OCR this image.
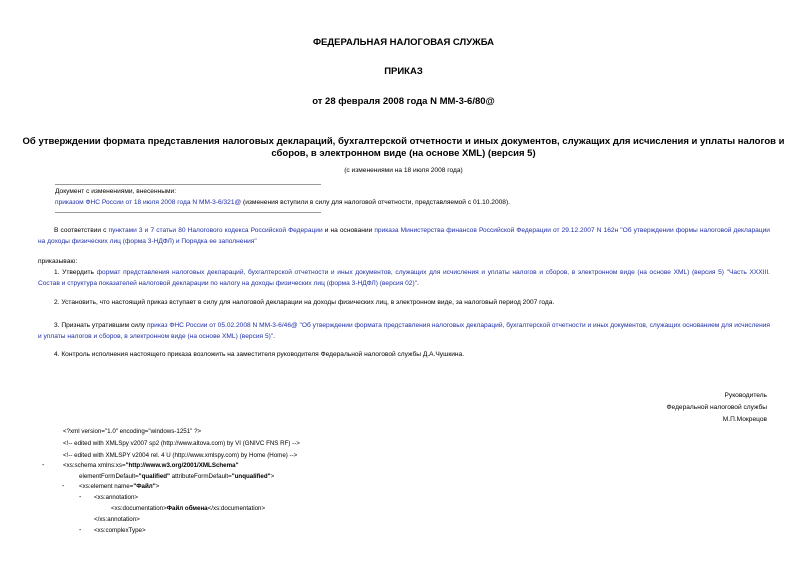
ФЕДЕРАЛЬНАЯ НАЛОГОВАЯ СЛУЖБА
ПРИКАЗ
от 28 февраля 2008 года N ММ-3-6/80@
Об утверждении формата представления налоговых деклараций, бухгалтерской отчетности и иных документов, служащих для исчисления и уплаты налогов и
сборов, в электронном виде (на основе XML) (версия 5)
(с изменениями на 18 июля 2008 года)
Документ с изменениями, внесенными:
приказом ФНС России от 18 июля 2008 года N ММ-3-6/321@ (изменения вступили в силу для налоговой отчетности, представляемой с 01.10.2008).
В соответствии с пунктами 3 и 7 статьи 80 Налогового кодекса Российской Федерации и на основании приказа Министерства финансов Российской Федерации от 29.12.2007 N 162н "Об утверждении формы налоговой декларации на доходы физических лиц (форма 3-НДФЛ) и Порядка ее заполнения"
приказываю:
1. Утвердить формат представления налоговых деклараций, бухгалтерской отчетности и иных документов, служащих для исчисления и уплаты налогов и сборов, в электронном виде (на основе XML) (версия 5) "Часть XXXIII. Состав и структура показателей налоговой декларации по налогу на доходы физических лиц (форма 3-НДФЛ) (версия 02)".
2. Установить, что настоящий приказ вступает в силу для налоговой декларации на доходы физических лиц, в электронном виде, за налоговый период 2007 года.
3. Признать утратившим силу приказ ФНС России от 05.02.2008 N ММ-3-6/46@ "Об утверждении формата представления налоговых деклараций, бухгалтерской отчетности и иных документов, служащих основанием для исчисления и уплаты налогов и сборов, в электронном виде (на основе XML) (версия 5)".
4. Контроль исполнения настоящего приказа возложить на заместителя руководителя Федеральной налоговой службы Д.А.Чушкина.
Руководитель
Федеральной налоговой службы
М.П.Мокрецов
<?xml version="1.0" encoding="windows-1251" ?>
<!-- edited with XMLSpy v2007 sp2 (http://www.altova.com) by VI (GNIVC FNS RF) -->
<!-- edited with XMLSPY v2004 rel. 4 U (http://www.xmlspy.com) by Home (Home) -->
-	<xs:schema xmlns:xs="http://www.w3.org/2001/XMLSchema"
elementFormDefault="qualified" attributeFormDefault="unqualified">
- <xs:element name="Файл">
- <xs:annotation>
<xs:documentation>Файл обмена</xs:documentation>
</xs:annotation>
- <xs:complexType>
